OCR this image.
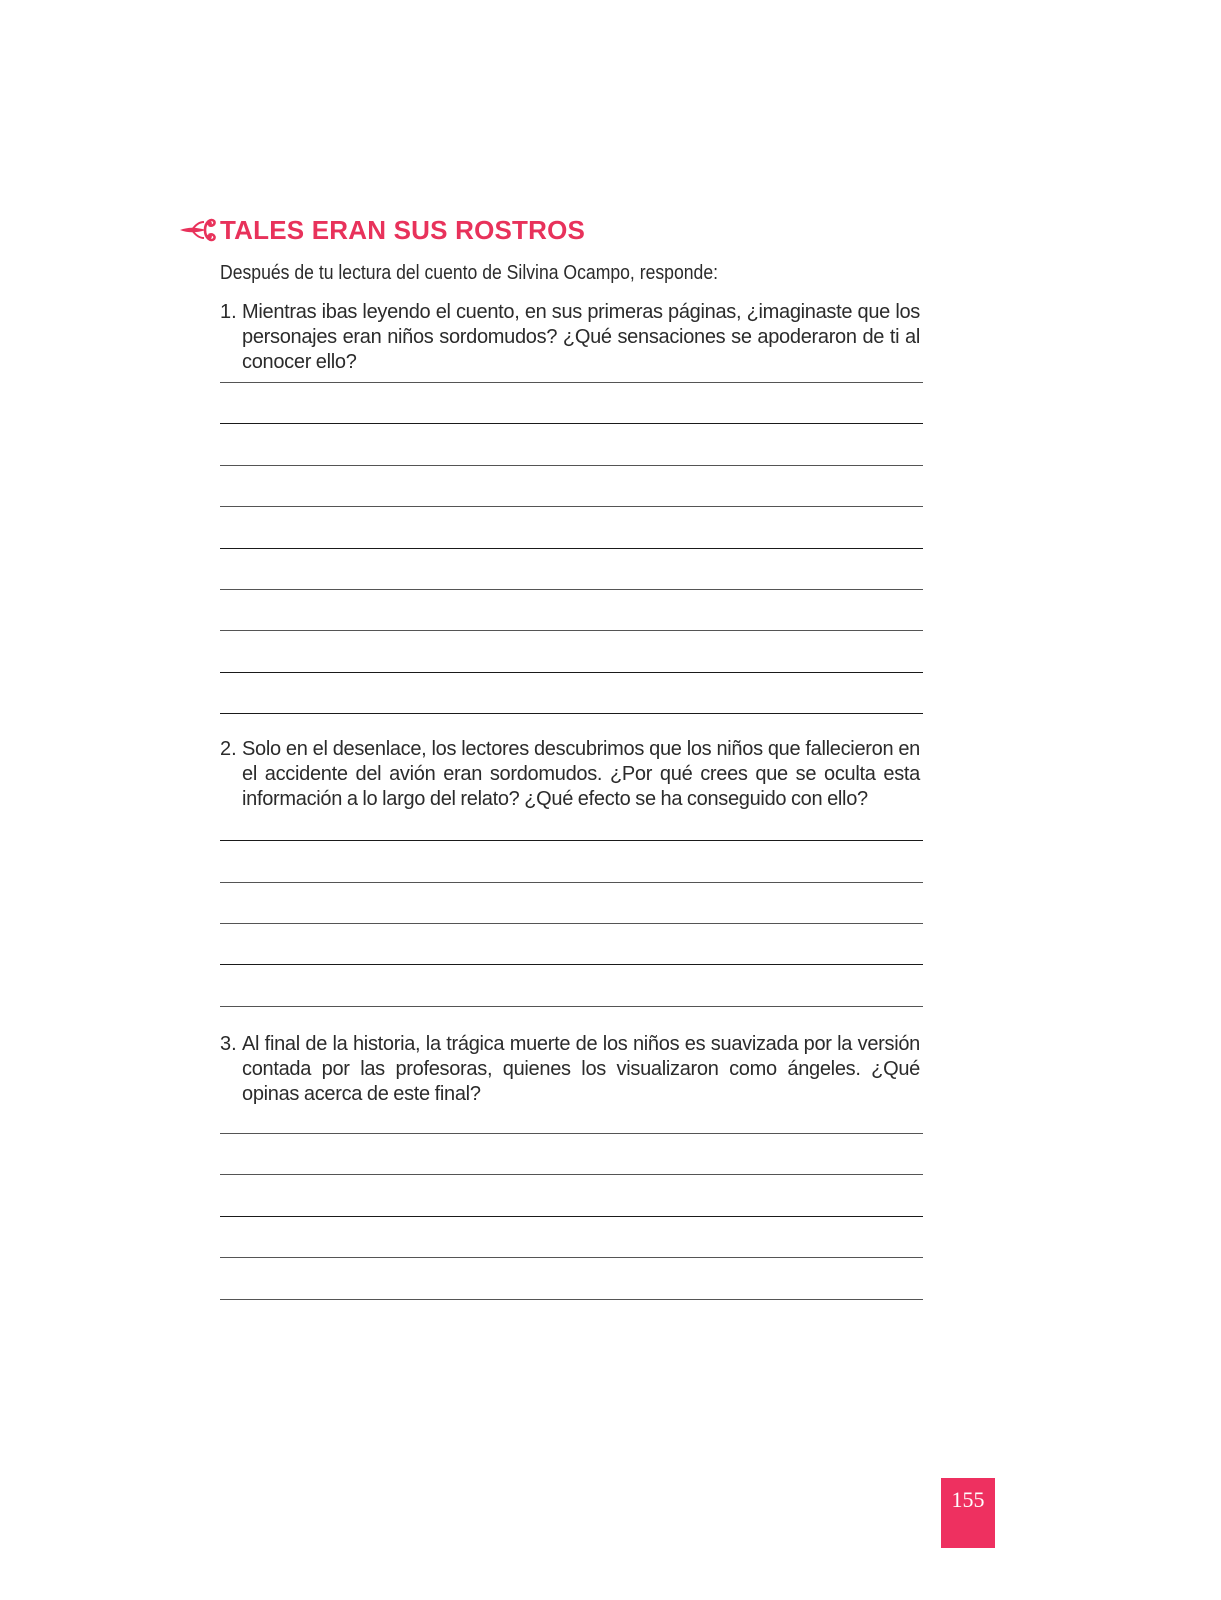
TALES ERAN SUS ROSTROS
Después de tu lectura del cuento de Silvina Ocampo, responde:
1. Mientras ibas leyendo el cuento, en sus primeras páginas, ¿imaginaste que los personajes eran niños sordomudos? ¿Qué sensaciones se apoderaron de ti al conocer ello?
2. Solo en el desenlace, los lectores descubrimos que los niños que fallecieron en el accidente del avión eran sordomudos. ¿Por qué crees que se oculta esta información a lo largo del relato? ¿Qué efecto se ha conseguido con ello?
3. Al final de la historia, la trágica muerte de los niños es suavizada por la versión contada por las profesoras, quienes los visualizaron como ángeles. ¿Qué opinas acerca de este final?
155
